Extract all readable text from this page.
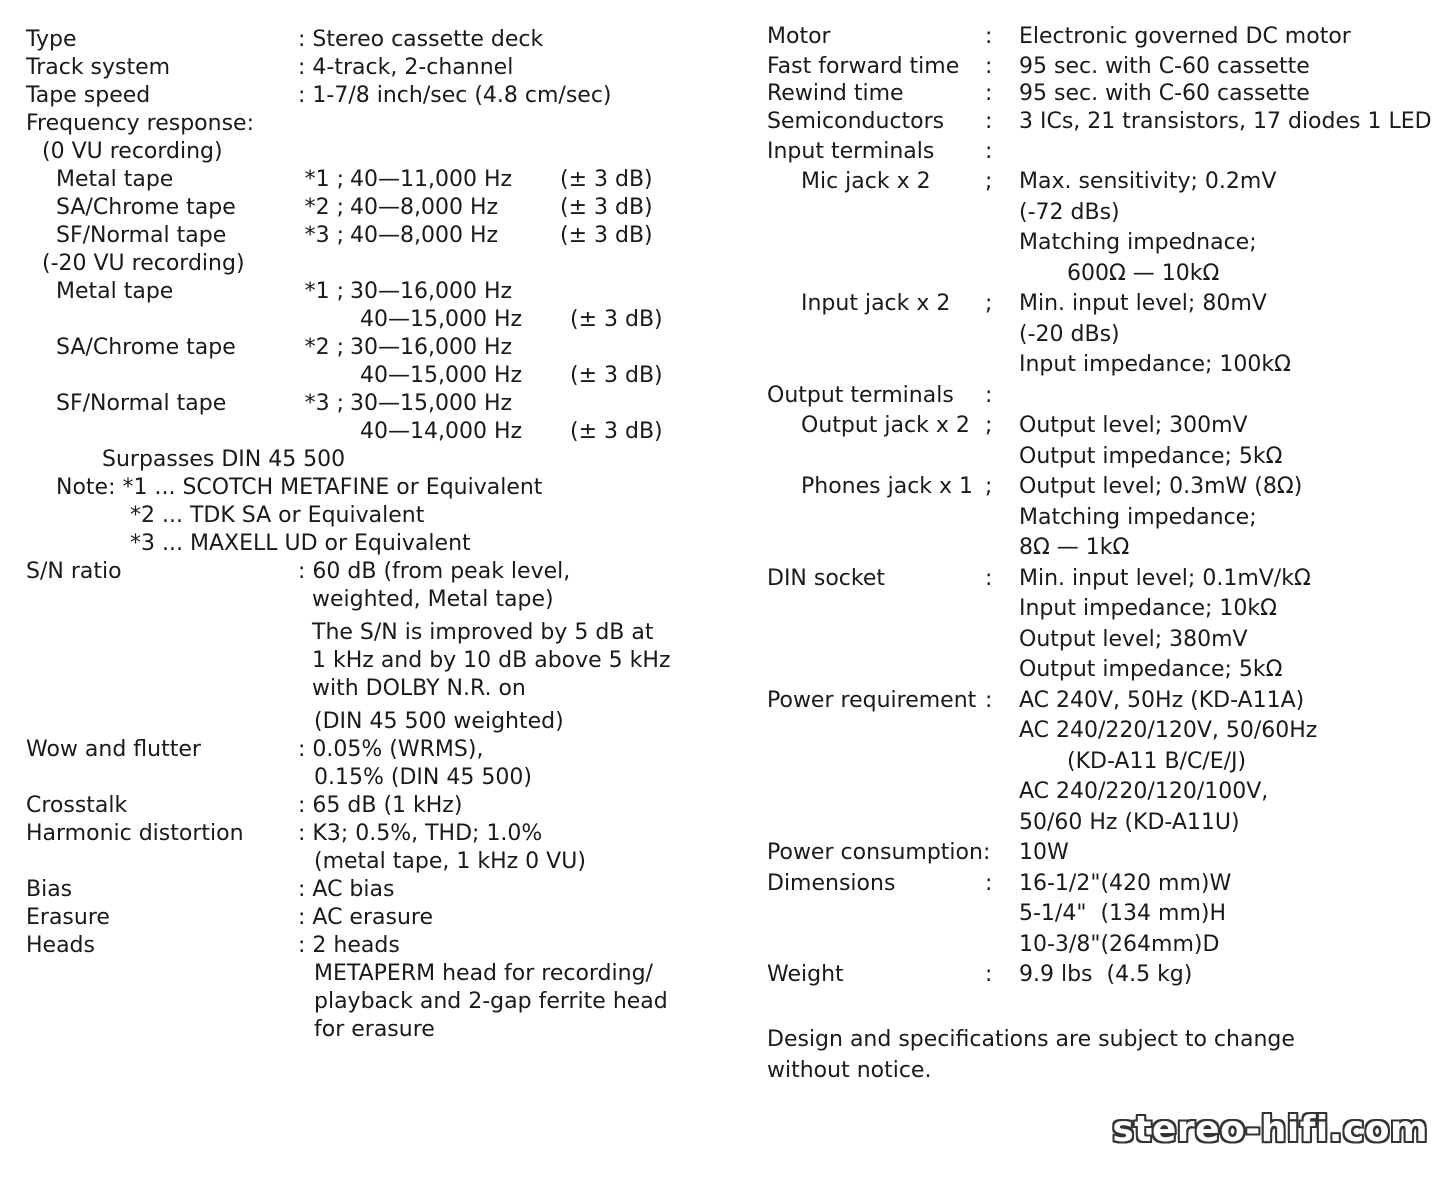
Type	: Stereo cassette deck
Track system	: 4-track, 2-channel
Tape speed	: 1-7/8 inch/sec (4.8 cm/sec)
Frequency response:
(0 VU recording)
Metal tape	*1 ; 40—11,000 Hz	(± 3 dB)
SA/Chrome tape	*2 ; 40—8,000 Hz	(± 3 dB)
SF/Normal tape	*3 ; 40—8,000 Hz	(± 3 dB)
(-20 VU recording)
Metal tape	*1 ; 30—16,000 Hz
40—15,000 Hz	(± 3 dB)
SA/Chrome tape	*2 ; 30—16,000 Hz
40—15,000 Hz	(± 3 dB)
SF/Normal tape	*3 ; 30—15,000 Hz
40—14,000 Hz	(± 3 dB)
Surpasses DIN 45 500
Note: *1 ... SCOTCH METAFINE or Equivalent
*2 ... TDK SA or Equivalent
*3 ... MAXELL UD or Equivalent
S/N ratio	: 60 dB (from peak level,
weighted, Metal tape)
The S/N is improved by 5 dB at
1 kHz and by 10 dB above 5 kHz
with DOLBY N.R. on
(DIN 45 500 weighted)
Wow and flutter	: 0.05% (WRMS),
0.15% (DIN 45 500)
Crosstalk	: 65 dB (1 kHz)
Harmonic distortion	: K3; 0.5%, THD; 1.0%
(metal tape, 1 kHz 0 VU)
Bias	: AC bias
Erasure	: AC erasure
Heads	: 2 heads
METAPERM head for recording/
playback and 2-gap ferrite head
for erasure
Motor	:	Electronic governed DC motor
Fast forward time	:	95 sec. with C-60 cassette
Rewind time	:	95 sec. with C-60 cassette
Semiconductors	:	3 ICs, 21 transistors, 17 diodes 1 LED
Input terminals	:
Mic jack x 2	;	Max. sensitivity; 0.2mV
(-72 dBs)
Matching impednace;
600Ω — 10kΩ
Input jack x 2	;	Min. input level; 80mV
(-20 dBs)
Input impedance; 100kΩ
Output terminals	:
Output jack x 2 ;	Output level; 300mV
Output impedance; 5kΩ
Phones jack x 1 ;	Output level; 0.3mW (8Ω)
Matching impedance;
8Ω — 1kΩ
DIN socket	:	Min. input level; 0.1mV/kΩ
Input impedance; 10kΩ
Output level; 380mV
Output impedance; 5kΩ
Power requirement :	AC 240V, 50Hz (KD-A11A)
AC 240/220/120V, 50/60Hz
(KD-A11 B/C/E/J)
AC 240/220/120/100V,
50/60 Hz (KD-A11U)
Power consumption:	10W
Dimensions	:	16-1/2"(420 mm)W
5-1/4"  (134 mm)H
10-3/8"(264mm)D
Weight	:	9.9 lbs  (4.5 kg)
Design and specifications are subject to change
without notice.
stereo-hifi.com
